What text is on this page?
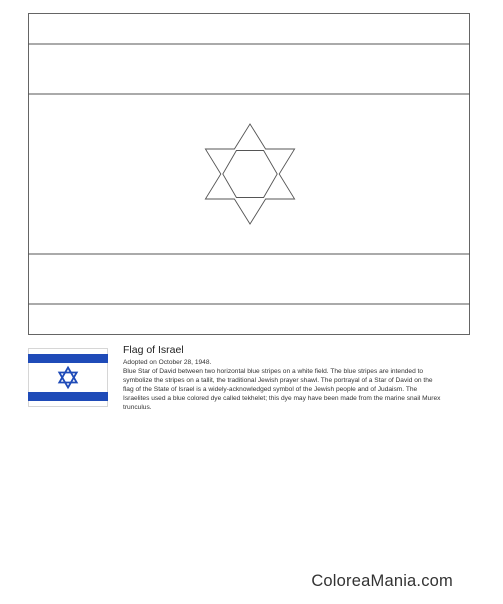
Flag of Israel

Adopted on October 28, 1948.

Blue Star of David between two horizontal blue stripes on a white field. The blue stripes are intended to symbolize the stripes on a tallit, the traditional Jewish prayer shawl. The portrayal of a Star of David on the flag of the State of Israel is a widely-acknowledged symbol of the Jewish people and of Judaism. The Israelites used a blue colored dye called tekhelet; this dye may have been made from the marine snail Murex trunculus.

ColoreaMania.com
